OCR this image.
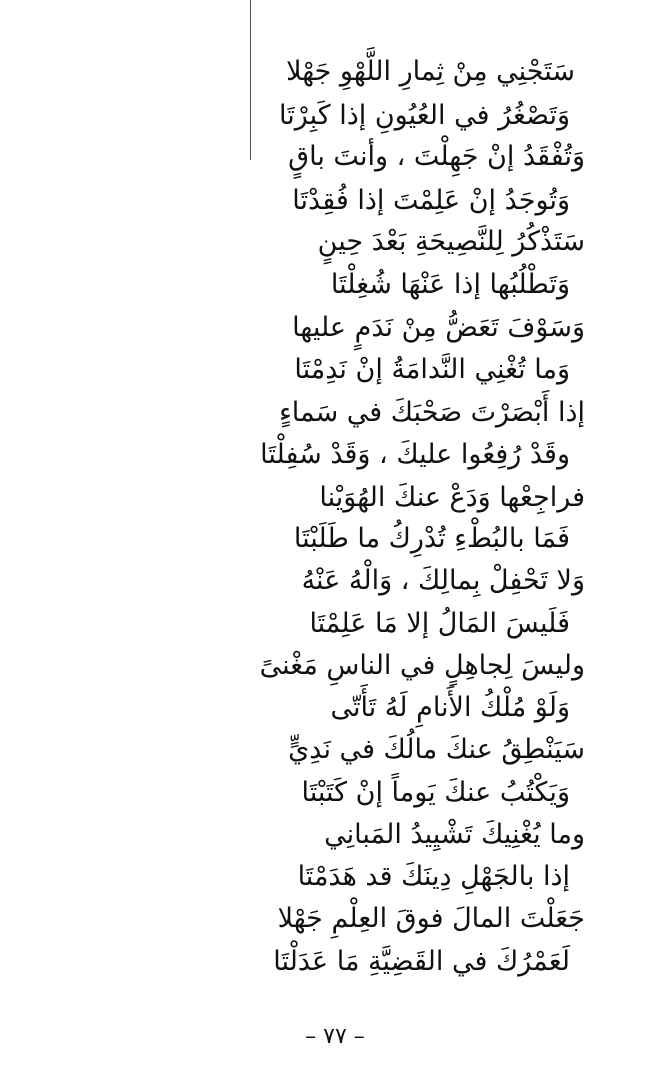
سَتَجْنِي مِنْ ثِمارِ اللَّهْوِ جَهْلا
وَتَصْغُرُ في العُيُونِ إذا كَبِرْتَا
وَتُفْقَدُ إنْ جَهِلْتَ ، وأنتَ باقٍ
وَتُوجَدُ إنْ عَلِمْتَ إذا فُقِدْتَا
سَتَذْكُرُ لِلنَّصِيحَةِ بَعْدَ حِينٍ
وَتَطْلُبُها إذا عَنْهَا شُغِلْتَا
وَسَوْفَ تَعَضُّ مِنْ نَدَمٍ عليها
وَما تُغْنِي النَّدامَةُ إنْ نَدِمْتَا
إذا أَبْصَرْتَ صَحْبَكَ في سَماءٍ
وقَدْ رُفِعُوا عليكَ ، وَقَدْ سُفِلْتَا
فراجِعْها وَدَعْ عنكَ الهُوَيْنا
فَمَا بالبُطْءِ تُدْرِكُ ما طَلَبْتَا
وَلا تَحْفِلْ بِمالِكَ ، وَالْهُ عَنْهُ
فَلَيسَ المَالُ إلا مَا عَلِمْتَا
وليسَ لِجاهِلٍ في الناسِ مَغْنىً
وَلَوْ مُلْكُ الأَنامِ لَهُ تَأَتّى
سَيَنْطِقُ عنكَ مالُكَ في نَدِيٍّ
وَيَكْتُبُ عنكَ يَوماً إنْ كَتَبْتَا
وما يُغْنِيكَ تَشْيِيدُ المَبانِي
إذا بالجَهْلِ دِينَكَ قد هَدَمْتَا
جَعَلْتَ المالَ فوقَ العِلْمِ جَهْلا
لَعَمْرُكَ في القَضِيَّةِ مَا عَدَلْتَا
– ٧٧ –
